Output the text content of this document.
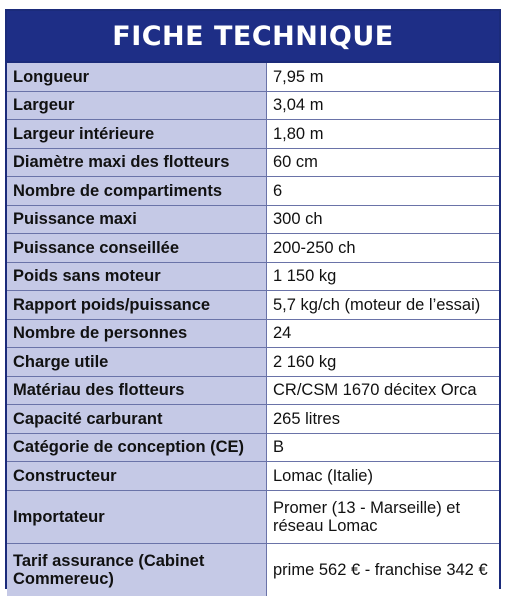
FICHE TECHNIQUE
Longueur	7,95 m
Largeur	3,04 m
Largeur intérieure	1,80 m
Diamètre maxi des flotteurs	60 cm
Nombre de compartiments	6
Puissance maxi	300 ch
Puissance conseillée	200-250 ch
Poids sans moteur	1 150 kg
Rapport poids/puissance	5,7 kg/ch (moteur de l’essai)
Nombre de personnes	24
Charge utile	2 160 kg
Matériau des flotteurs	CR/CSM 1670 décitex Orca
Capacité carburant	265 litres
Catégorie de conception (CE)	B
Constructeur	Lomac (Italie)
Importateur	Promer (13 - Marseille) et réseau Lomac
Tarif assurance (Cabinet Commereuc)	prime 562 € - franchise 342 €
